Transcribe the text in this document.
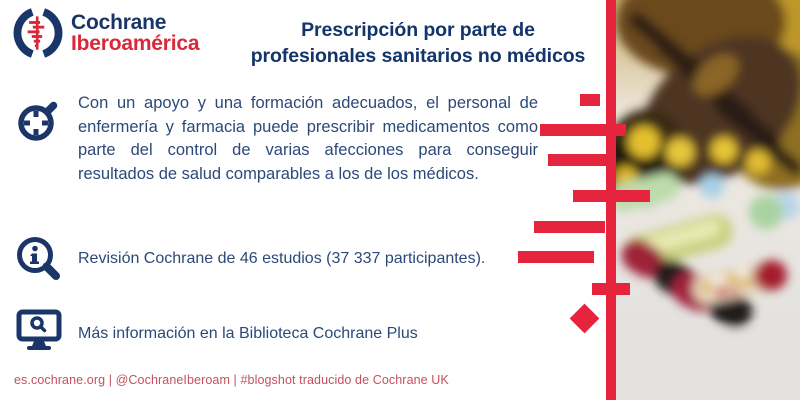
Cochrane
Iberoamérica
Prescripción por parte de
profesionales sanitarios no médicos

Con un apoyo y una formación adecuados, el personal de enfermería y farmacia puede prescribir medicamentos como parte del control de varias afecciones para conseguir resultados de salud comparables a los de los médicos.

Revisión Cochrane de 46 estudios (37 337 participantes).

Más información en la Biblioteca Cochrane Plus

es.cochrane.org | @CochraneIberoam | #blogshot traducido de Cochrane UK
